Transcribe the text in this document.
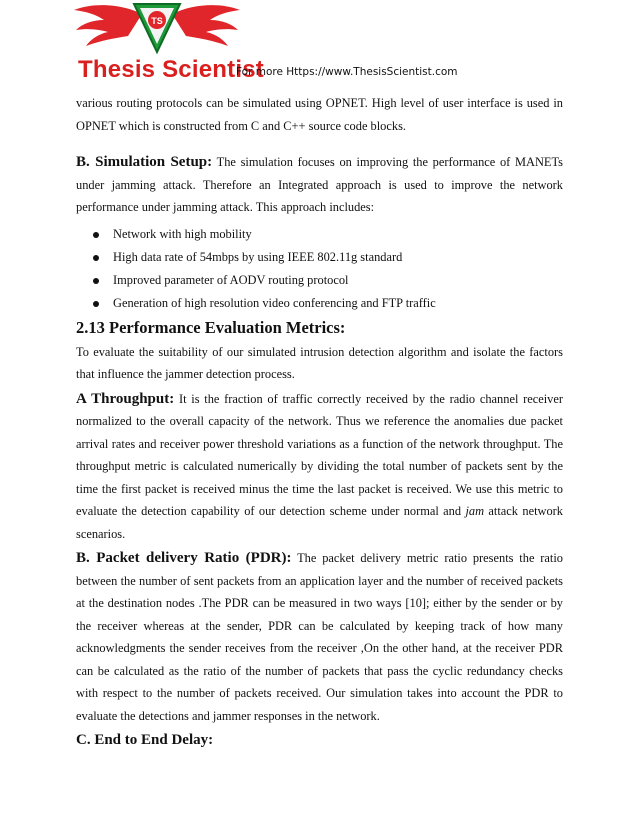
TS
Thesis Scientist
For more Https://www.ThesisScientist.com

various routing protocols can be simulated using OPNET. High level of user interface is used in OPNET which is constructed from C and C++ source code blocks.

B. Simulation Setup: The simulation focuses on improving the performance of MANETs under jamming attack. Therefore an Integrated approach is used to improve the network performance under jamming attack. This approach includes:

Network with high mobility
High data rate of 54mbps by using IEEE 802.11g standard
Improved parameter of AODV routing protocol
Generation of high resolution video conferencing and FTP traffic
2.13 Performance Evaluation Metrics:

To evaluate the suitability of our simulated intrusion detection algorithm and isolate the factors that influence the jammer detection process.

A Throughput: It is the fraction of traffic correctly received by the radio channel receiver normalized to the overall capacity of the network. Thus we reference the anomalies due packet arrival rates and receiver power threshold variations as a function of the network throughput. The throughput metric is calculated numerically by dividing the total number of packets sent by the time the first packet is received minus the time the last packet is received. We use this metric to evaluate the detection capability of our detection scheme under normal and jam attack network scenarios.

B. Packet delivery Ratio (PDR): The packet delivery metric ratio presents the ratio between the number of sent packets from an application layer and the number of received packets at the destination nodes .The PDR can be measured in two ways [10]; either by the sender or by the receiver whereas at the sender, PDR can be calculated by keeping track of how many acknowledgments the sender receives from the receiver ,On the other hand, at the receiver PDR can be calculated as the ratio of the number of packets that pass the cyclic redundancy checks with respect to the number of packets received. Our simulation takes into account the PDR to evaluate the detections and jammer responses in the network.

C. End to End Delay:
